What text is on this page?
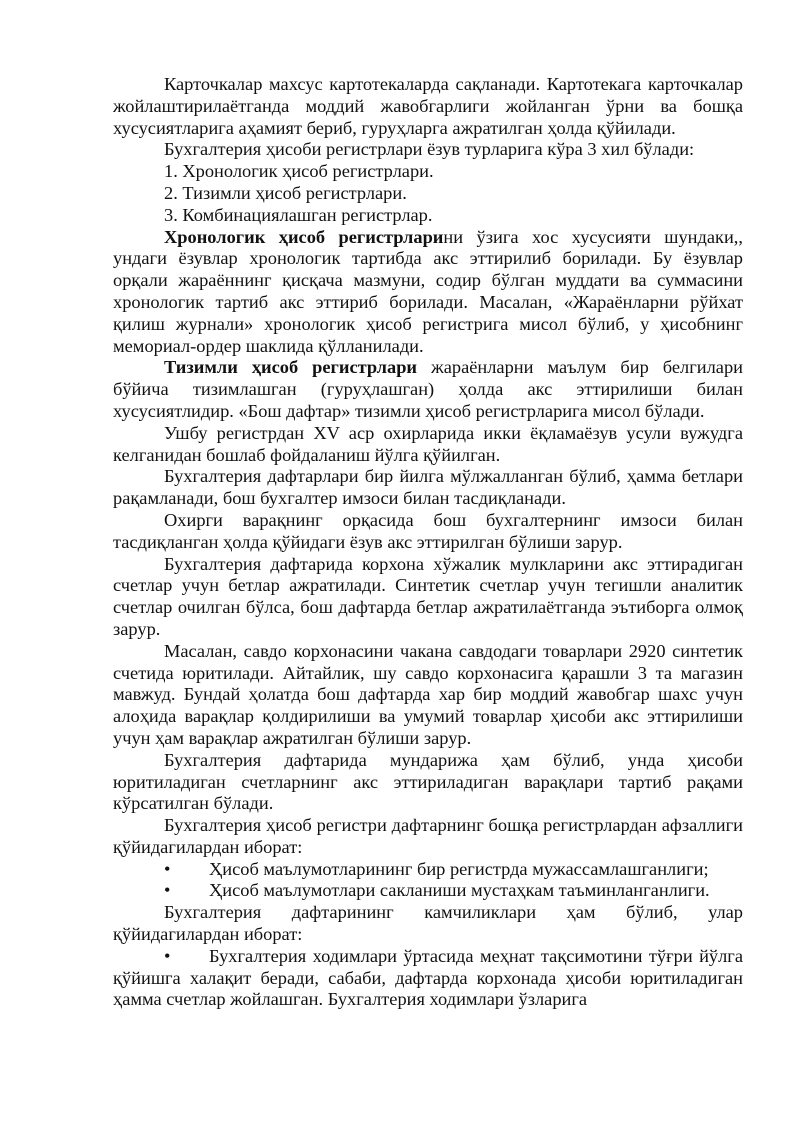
Карточкалар махсус картотекаларда сақланади. Картотекага карточкалар жойлаштирилаётганда моддий жавобгарлиги жойланган ўрни ва бошқа хусусиятларига аҳамият бериб, гуруҳларга ажратилган ҳолда қўйилади.

Бухгалтерия ҳисоби регистрлари ёзув турларига кўра 3 хил бўлади:

1. Хронологик ҳисоб регистрлари.

2. Тизимли ҳисоб регистрлари.

3. Комбинациялашган регистрлар.

Хронологик ҳисоб регистрларини ўзига хос хусусияти шундаки,, ундаги ёзувлар хронологик тартибда акс эттирилиб борилади. Бу ёзувлар орқали жараённинг қисқача мазмуни, содир бўлган муддати ва суммасини хронологик тартиб акс эттириб борилади. Масалан, «Жараёнларни рўйхат қилиш журнали» хронологик ҳисоб регистрига мисол бўлиб, у ҳисобнинг мемориал-ордер шаклида қўлланилади.

Тизимли ҳисоб регистрлари жараёнларни маълум бир белгилари бўйича тизимлашган (гуруҳлашган) ҳолда акс эттирилиши билан хусусиятлидир. «Бош дафтар» тизимли ҳисоб регистрларига мисол бўлади.

Ушбу регистрдан XV аср охирларида икки ёқламаёзув усули вужудга келганидан бошлаб фойдаланиш йўлга қўйилган.

Бухгалтерия дафтарлари бир йилга мўлжалланган бўлиб, ҳамма бетлари рақамланади, бош бухгалтер имзоси билан тасдиқланади.

Охирги варақнинг орқасида бош бухгалтернинг имзоси билан тасдиқланган ҳолда қўйидаги ёзув акс эттирилган бўлиши зарур.

Бухгалтерия дафтарида корхона хўжалик мулкларини акс эттирадиган счетлар учун бетлар ажратилади. Синтетик счетлар учун тегишли аналитик счетлар очилган бўлса, бош дафтарда бетлар ажратилаётганда эътиборга олмоқ зарур.

Масалан, савдо корхонасини чакана савдодаги товарлари 2920 синтетик счетида юритилади. Айтайлик, шу савдо корхонасига қарашли 3 та магазин мавжуд. Бундай ҳолатда бош дафтарда хар бир моддий жавобгар шахс учун алоҳида варақлар қолдирилиши ва умумий товарлар ҳисоби акс эттирилиши учун ҳам варақлар ажратилган бўлиши зарур.

Бухгалтерия дафтарида мундарижа ҳам бўлиб, унда ҳисоби юритиладиган счетларнинг акс эттириладиган варақлари тартиб рақами кўрсатилган бўлади.

Бухгалтерия ҳисоб регистри дафтарнинг бошқа регистрлардан афзаллиги қўйидагилардан иборат:

• Ҳисоб маълумотларининг бир регистрда мужассамлашганлиги;

• Ҳисоб маълумотлари сакланиши мустаҳкам таъминланганлиги.

Бухгалтерия дафтарининг камчиликлари ҳам бўлиб, улар қўйидагилардан иборат:

• Бухгалтерия ходимлари ўртасида меҳнат тақсимотини тўғри йўлга қўйишга халақит беради, сабаби, дафтарда корхонада ҳисоби юритиладиган ҳамма счетлар жойлашган. Бухгалтерия ходимлари ўзларига
